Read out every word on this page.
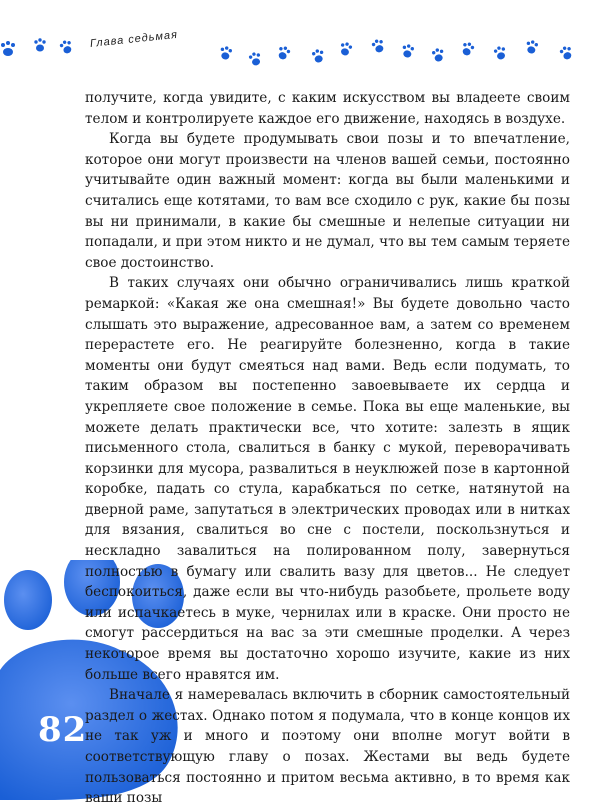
Глава седьмая
82

получите, когда увидите, с каким искусством вы владеете своим телом и контролируете каждое его движение, находясь в воздухе.

Когда вы будете продумывать свои позы и то впечатление, которое они могут произвести на членов вашей семьи, постоянно учитывайте один важный момент: когда вы были маленькими и считались еще котятами, то вам все сходило с рук, какие бы позы вы ни принимали, в какие бы смешные и нелепые ситуации ни попадали, и при этом никто и не думал, что вы тем самым теряете свое достоинство.

В таких случаях они обычно ограничивались лишь краткой ремаркой: «Какая же она смешная!» Вы будете довольно часто слышать это выражение, адресованное вам, а затем со временем перерастете его. Не реагируйте болезненно, когда в такие моменты они будут смеяться над вами. Ведь если подумать, то таким образом вы постепенно завоевываете их сердца и укрепляете свое положение в семье. Пока вы еще маленькие, вы можете делать практически все, что хотите: залезть в ящик письменного стола, свалиться в банку с мукой, переворачивать корзинки для мусора, развалиться в неуклюжей позе в картонной коробке, падать со стула, карабкаться по сетке, натянутой на дверной раме, запутаться в электрических проводах или в нитках для вязания, свалиться во сне с постели, поскользнуться и нескладно завалиться на полированном полу, завернуться полностью в бумагу или свалить вазу для цветов... Не следует беспокоиться, даже если вы что-нибудь разобьете, прольете воду или испачкаетесь в муке, чернилах или в краске. Они просто не смогут рассердиться на вас за эти смешные проделки. А через некоторое время вы достаточно хорошо изучите, какие из них больше всего нравятся им.

Вначале я намеревалась включить в сборник самостоятельный раздел о жестах. Однако потом я подумала, что в конце концов их не так уж и много и поэтому они вполне могут войти в соответствующую главу о позах. Жестами вы ведь будете пользоваться постоянно и притом весьма активно, в то время как ваши позы
